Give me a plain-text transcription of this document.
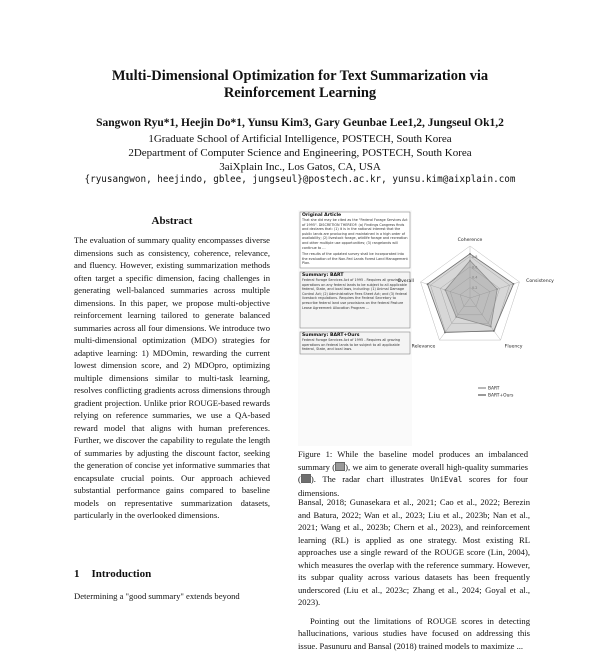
Multi-Dimensional Optimization for Text Summarization via
Reinforcement Learning
Sangwon Ryu*1, Heejin Do*1, Yunsu Kim3, Gary Geunbae Lee1,2, Jungseul Ok1,2
1Graduate School of Artificial Intelligence, POSTECH, South Korea
2Department of Computer Science and Engineering, POSTECH, South Korea
3aiXplain Inc., Los Gatos, CA, USA
{ryusangwon, heejindo, gblee, jungseul}@postech.ac.kr, yunsu.kim@aixplain.com
Abstract

The evaluation of summary quality encompasses diverse dimensions such as consistency, coherence, relevance, and fluency. However, existing summarization methods often target a specific dimension, facing challenges in generating well-balanced summaries across multiple dimensions. In this paper, we propose multi-objective reinforcement learning tailored to generate balanced summaries across all four dimensions. We introduce two multi-dimensional optimization (MDO) strategies for adaptive learning: 1) MDOmin, rewarding the current lowest dimension score, and 2) MDOpro, optimizing multiple dimensions similar to multi-task learning, resolves conflicting gradients across dimensions through gradient projection. Unlike prior ROUGE-based rewards relying on reference summaries, we use a QA-based reward model that aligns with human preferences. Further, we discover the capability to regulate the length of summaries by adjusting the discount factor, seeking the generation of concise yet informative summaries that encapsulate crucial points. Our approach achieved substantial performance gains compared to baseline models on representative summarization datasets, particularly in the overlooked dimensions.

1 Introduction
Determining a "good summary" extends beyond
Original Article
That she did may be cited as the "Federal Forage Services Act of 1995". DISCRETION THEREOF: (a) Findings Congress finds and declares that: (1) it is in the national interest that the public lands are producing and maintained in a high order of availability; (2) livestock forage, wildlife forage and recreation and other multiple use opportunities; (3) rangelands will continue to ...
The results of the updated survey shall be incorporated into the evaluation of the Non-Fed Lands Forest Land Management Plan.
Summary: BART
Federal Forage Services Act of 1995 - Requires all grazing operations on any federal lands to be subject to all applicable federal, State, and local laws, including: (1) Animal Damage Control Act; (2) Administrative Fees Sheet Act; and (3) federal livestock regulations. Requires the Federal Secretary to prescribe federal land use provisions on the federal Pasture Lease Agreement Allocation Program ...
Summary: BART+Ours
Federal Forage Services Act of 1995 - Requires all grazing operations on federal lands to be subject to all applicable federal, State, and local laws.
Coherence
Consistency
Fluency
Relevance
Overall
0.8
0.6
0.4
0.2
BART
BART+Ours
Figure 1: While the baseline model produces an imbalanced summary ( ), we aim to generate overall high-quality summaries ( ). The radar chart illustrates UniEval scores for four dimensions.

Bansal, 2018; Gunasekara et al., 2021; Cao et al., 2022; Berezin and Batura, 2022; Wan et al., 2023; Liu et al., 2023b; Nan et al., 2021; Wang et al., 2023b; Chern et al., 2023), and reinforcement learning (RL) is applied as one strategy. Most existing RL approaches use a single reward of the ROUGE score (Lin, 2004), which measures the overlap with the reference summary. However, its subpar quality across various datasets has been frequently underscored (Liu et al., 2023c; Zhang et al., 2024; Goyal et al., 2023).

Pointing out the limitations of ROUGE scores in detecting hallucinations, various studies have focused on addressing this issue. Pasunuru and Bansal (2018) trained models to maximize ...
